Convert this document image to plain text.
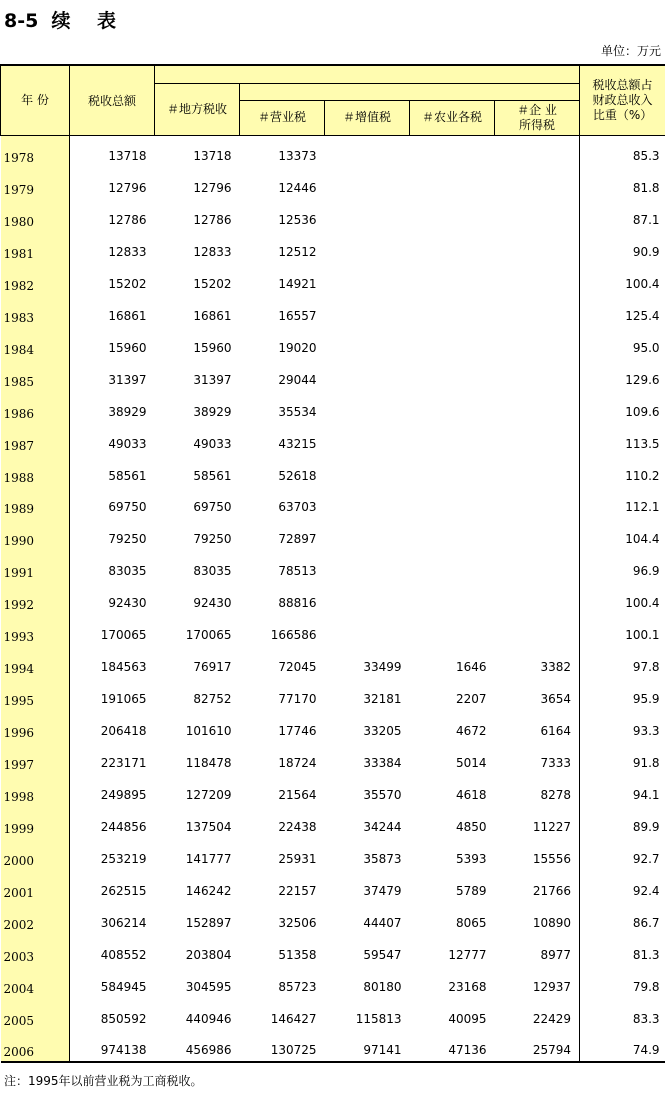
8-5  续    表
单位：万元
年 份	税收总额						税收总额占
财政总收入
比重（%）

		＃地方税收					
			＃营业税	＃增值税	＃农业各税	＃企 业
所得税	

1978	13718	13718	13373				85.3
1979	12796	12796	12446				81.8
1980	12786	12786	12536				87.1
1981	12833	12833	12512				90.9
1982	15202	15202	14921				100.4
1983	16861	16861	16557				125.4
1984	15960	15960	19020				95.0
1985	31397	31397	29044				129.6
1986	38929	38929	35534				109.6
1987	49033	49033	43215				113.5
1988	58561	58561	52618				110.2
1989	69750	69750	63703				112.1
1990	79250	79250	72897				104.4
1991	83035	83035	78513				96.9
1992	92430	92430	88816				100.4
1993	170065	170065	166586				100.1
1994	184563	76917	72045	33499	1646	3382	97.8
1995	191065	82752	77170	32181	2207	3654	95.9
1996	206418	101610	17746	33205	4672	6164	93.3
1997	223171	118478	18724	33384	5014	7333	91.8
1998	249895	127209	21564	35570	4618	8278	94.1
1999	244856	137504	22438	34244	4850	11227	89.9
2000	253219	141777	25931	35873	5393	15556	92.7
2001	262515	146242	22157	37479	5789	21766	92.4
2002	306214	152897	32506	44407	8065	10890	86.7
2003	408552	203804	51358	59547	12777	8977	81.3
2004	584945	304595	85723	80180	23168	12937	79.8
2005	850592	440946	146427	115813	40095	22429	83.3
2006	974138	456986	130725	97141	47136	25794	74.9
注：1995年以前营业税为工商税收。
